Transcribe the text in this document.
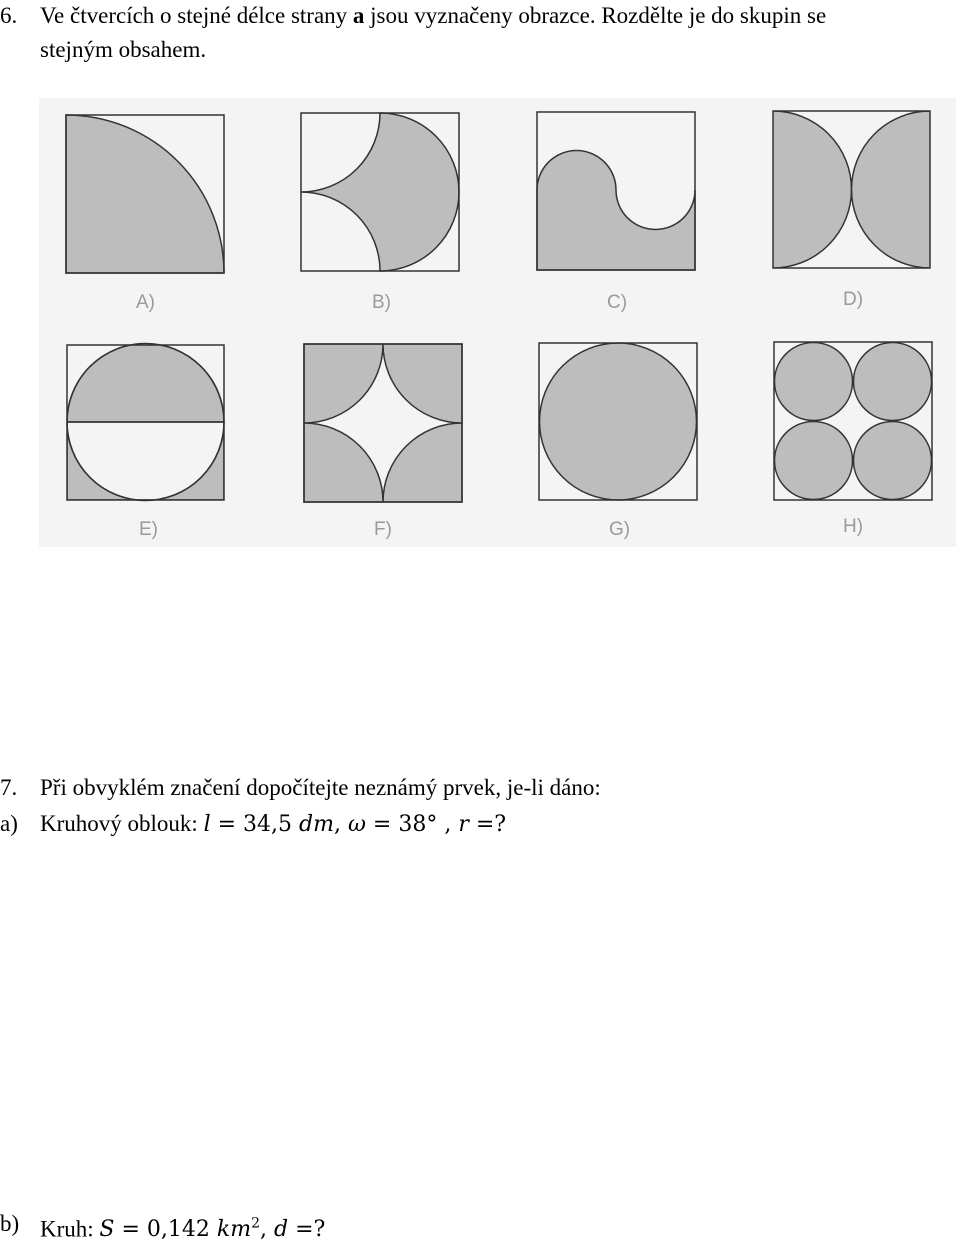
6. Ve čtvercích o stejné délce strany a jsou vyznačeny obrazce. Rozdělte je do skupin se
stejným obsahem.
A)	B)	C)	D)
E)	F)	G)	H)
7. Při obvyklém značení dopočítejte neznámý prvek, je-li dáno:
a) Kruhový oblouk: l = 34,5 dm, ω = 38° , r =?
b) Kruh: S = 0,142 $km^2$, d =?
